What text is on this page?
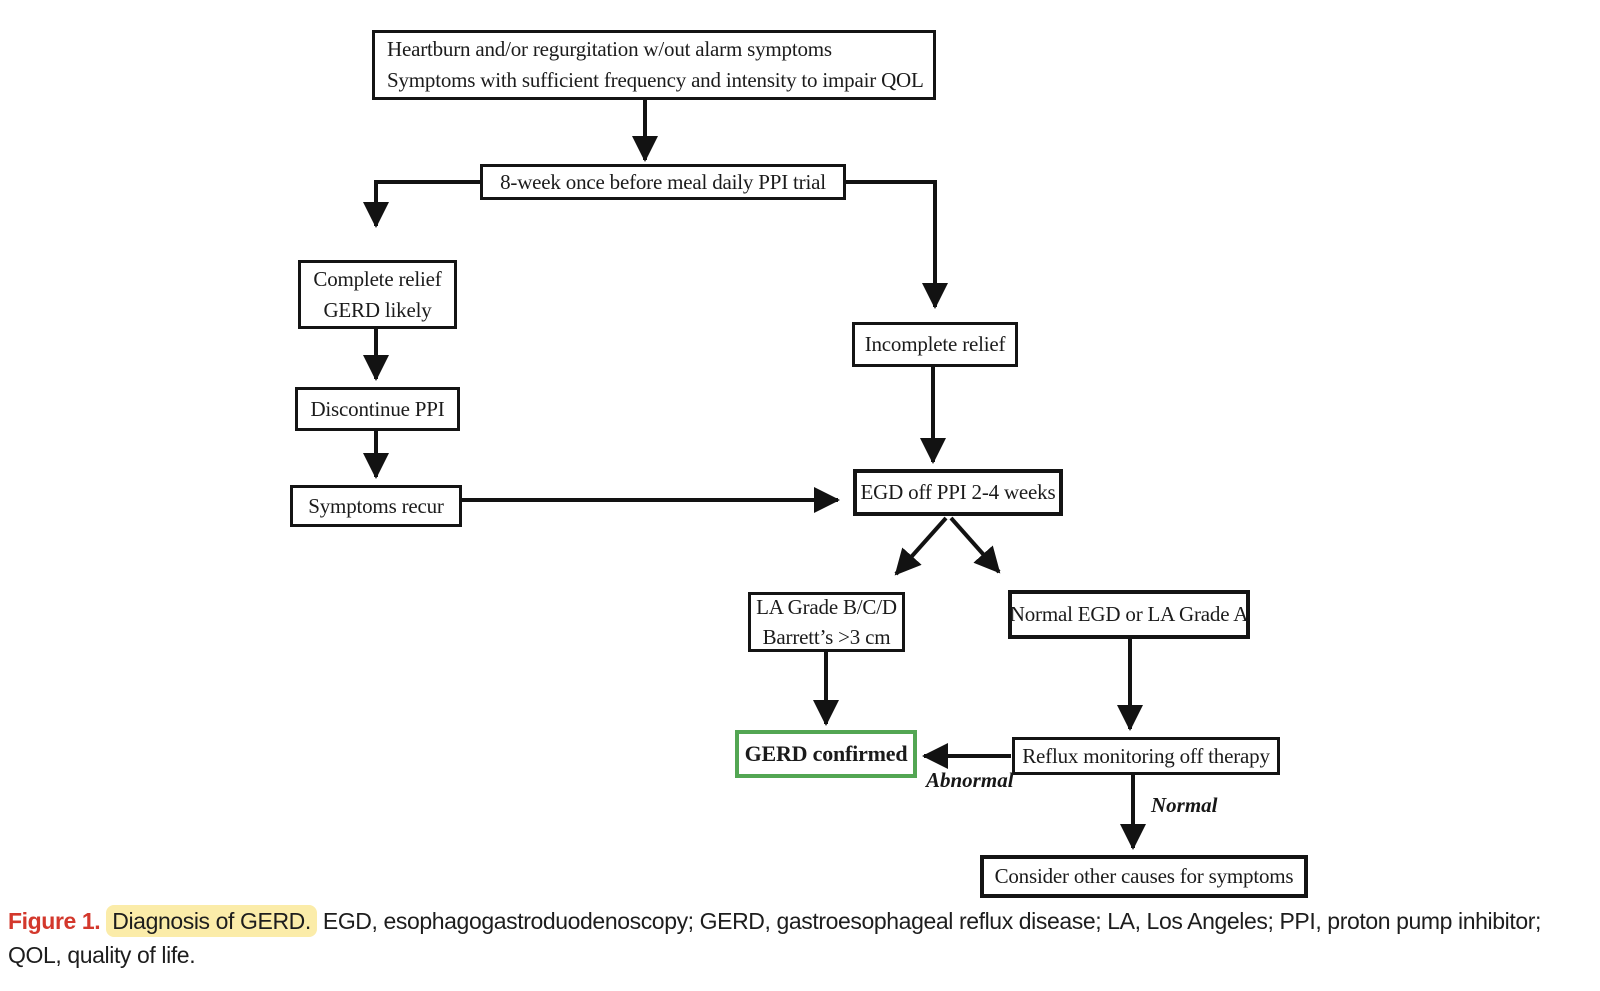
Heartburn and/or regurgitation w/out alarm symptoms
Symptoms with sufficient frequency and intensity to impair QOL
8-week once before meal daily PPI trial
Complete relief
GERD likely
Discontinue PPI
Symptoms recur
Incomplete relief
EGD off PPI 2-4 weeks
LA Grade B/C/D
Barrett’s >3 cm
Normal EGD or LA Grade A
GERD confirmed	Reflux monitoring off therapy
Consider other causes for symptoms
Abnormal
Normal
Figure 1. Diagnosis of GERD. EGD, esophagogastroduodenoscopy; GERD, gastroesophageal reflux disease; LA, Los Angeles; PPI, proton pump inhibitor; QOL, quality of life.
